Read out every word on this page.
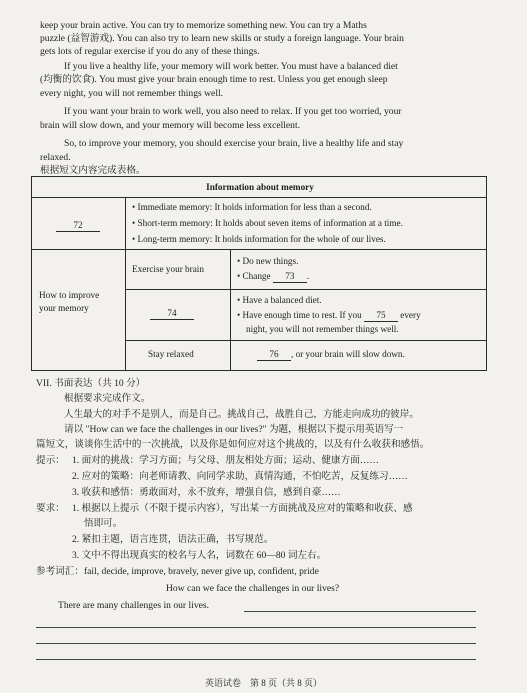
keep your brain active. You can try to memorize something new. You can try a Maths
puzzle (益智游戏). You can also try to learn new skills or study a foreign language. Your brain
gets lots of regular exercise if you do any of these things.
If you live a healthy life, your memory will work better. You must have a balanced diet
(均衡的饮食). You must give your brain enough time to rest. Unless you get enough sleep
every night, you will not remember things well.
If you want your brain to work well, you also need to relax. If you get too worried, your
brain will slow down, and your memory will become less excellent.
So, to improve your memory, you should exercise your brain, live a healthy life and stay
relaxed.
根据短文内容完成表格。
Information about memory
72
• Immediate memory: It holds information for less than a second.
• Short-term memory: It holds about seven items of information at a time.
• Long-term memory: It holds information for the whole of our lives.
How to improve
your memory
Exercise your brain
• Do new things.
• Change 73 .
74
• Have a balanced diet.
• Have enough time to rest. If you 75 every
night, you will not remember things well.
Stay relaxed	76 , or your brain will slow down.
VII. 书面表达（共 10 分）
根据要求完成作文。
人生最大的对手不是别人，而是自己。挑战自己，战胜自己，方能走向成功的彼岸。
请以 "How can we face the challenges in our lives?" 为题，根据以下提示用英语写一
篇短文，谈谈你生活中的一次挑战，以及你是如何应对这个挑战的，以及有什么收获和感悟。
提示： 1. 面对的挑战：学习方面；与父母、朋友相处方面；运动、健康方面……
2. 应对的策略：向老师请教、向同学求助，真情沟通，不怕吃苦，反复练习……
3. 收获和感悟：勇敢面对，永不放弃，增强自信，感到自豪……
要求： 1. 根据以上提示（不限于提示内容），写出某一方面挑战及应对的策略和收获、感
悟即可。
2. 紧扣主题，语言连贯，语法正确，书写规范。
3. 文中不得出现真实的校名与人名，词数在 60—80 词左右。
参考词汇：fail, decide, improve, bravely, never give up, confident, pride
How can we face the challenges in our lives?
There are many challenges in our lives.
英语试卷　第 8 页（共 8 页）
